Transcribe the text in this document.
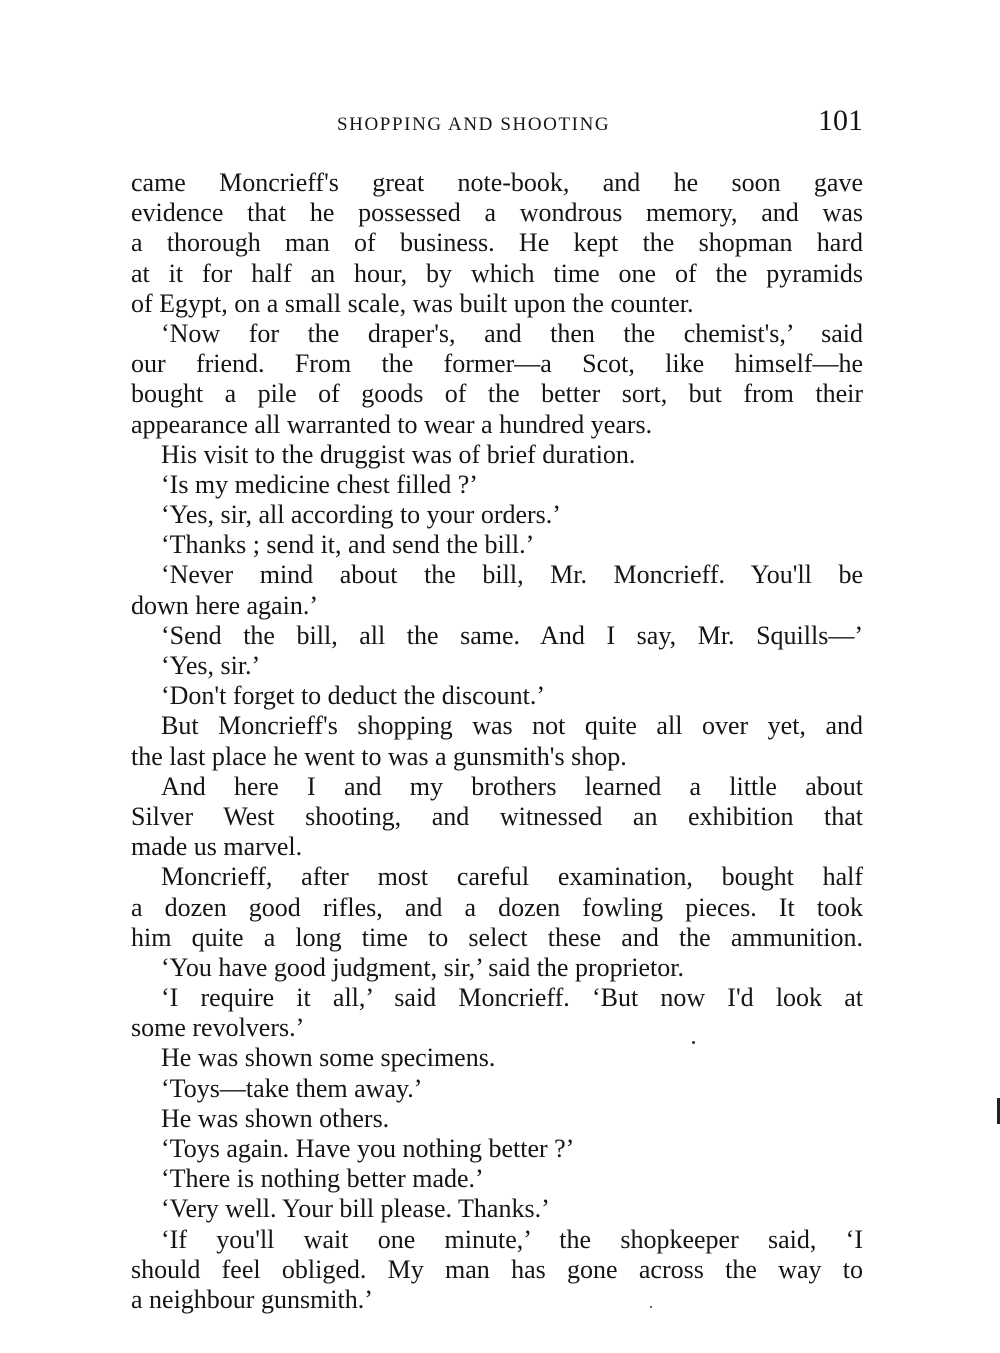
SHOPPING AND SHOOTING	101
came Moncrieff's great note-book, and he soon gave
evidence that he possessed a wondrous memory, and was
a thorough man of business. He kept the shopman hard
at it for half an hour, by which time one of the pyramids
of Egypt, on a small scale, was built upon the counter.
‘Now for the draper's, and then the chemist's,’ said
our friend. From the former—a Scot, like himself—he
bought a pile of goods of the better sort, but from their
appearance all warranted to wear a hundred years.
His visit to the druggist was of brief duration.
‘Is my medicine chest filled ?’
‘Yes, sir, all according to your orders.’
‘Thanks ; send it, and send the bill.’
‘Never mind about the bill, Mr. Moncrieff. You'll be
down here again.’
‘Send the bill, all the same. And I say, Mr. Squills—’
‘Yes, sir.’
‘Don't forget to deduct the discount.’
But Moncrieff's shopping was not quite all over yet, and
the last place he went to was a gunsmith's shop.
And here I and my brothers learned a little about
Silver West shooting, and witnessed an exhibition that
made us marvel.
Moncrieff, after most careful examination, bought half
a dozen good rifles, and a dozen fowling pieces. It took
him quite a long time to select these and the ammunition.
‘You have good judgment, sir,’ said the proprietor.
‘I require it all,’ said Moncrieff. ‘But now I'd look at
some revolvers.’
He was shown some specimens.
‘Toys—take them away.’
He was shown others.
‘Toys again. Have you nothing better ?’
‘There is nothing better made.’
‘Very well. Your bill please. Thanks.’
‘If you'll wait one minute,’ the shopkeeper said, ‘I
should feel obliged. My man has gone across the way to
a neighbour gunsmith.’
